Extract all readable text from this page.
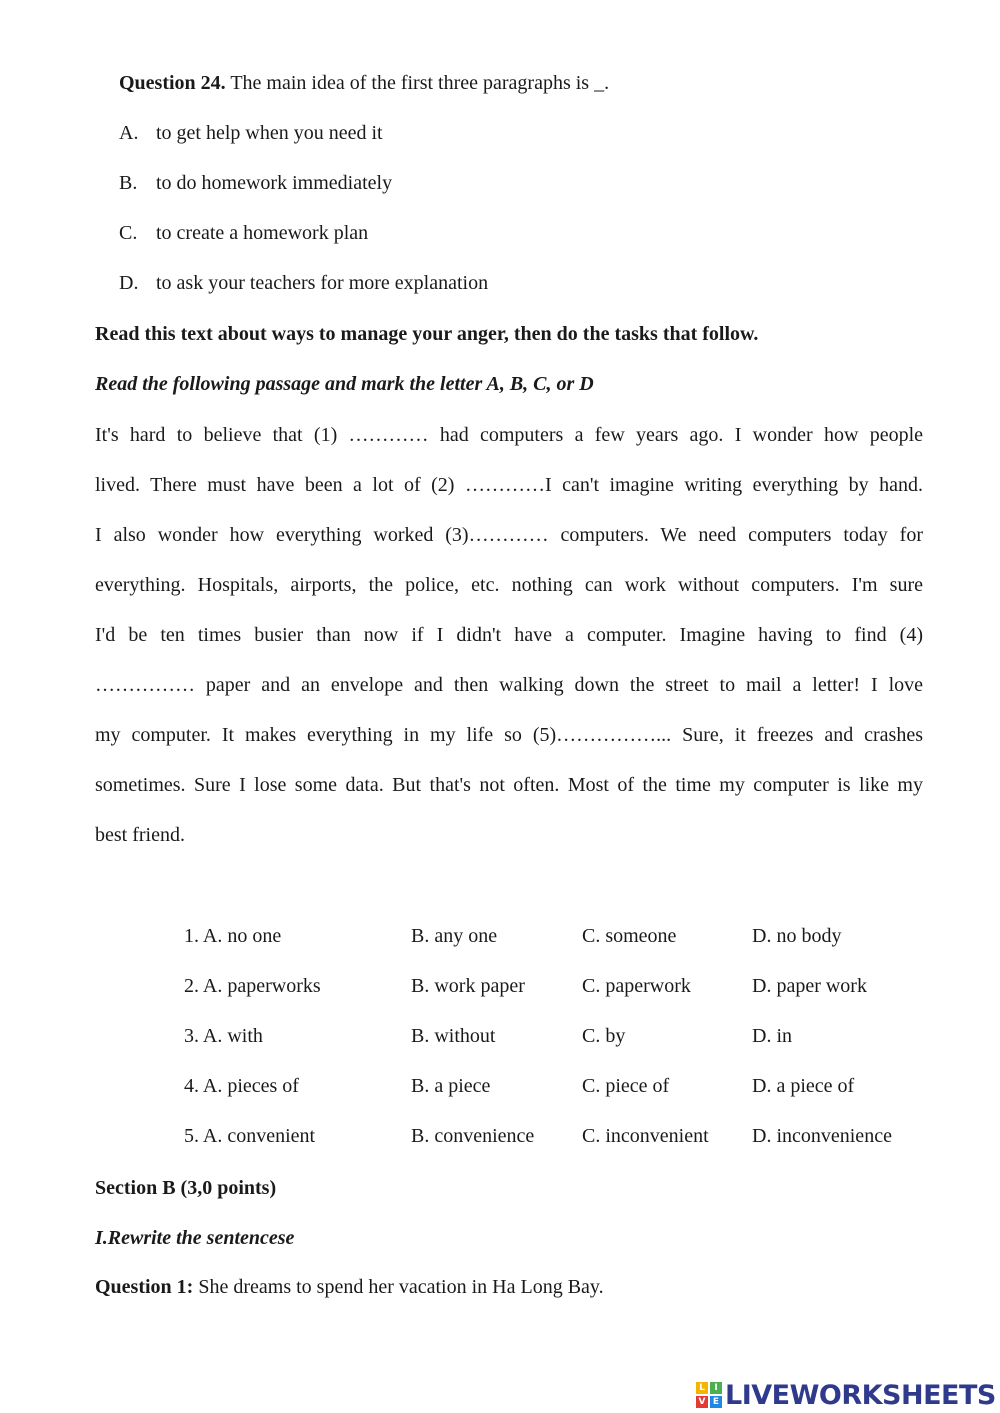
Question 24. The main idea of the first three paragraphs is _.
A. to get help when you need it
B. to do homework immediately
C. to create a homework plan
D. to ask your teachers for more explanation
Read this text about ways to manage your anger, then do the tasks that follow.
Read the following passage and mark the letter A, B, C, or D
It's hard to believe that (1) ………… had computers a few years ago. I wonder how people
lived. There must have been a lot of (2) …………I can't imagine writing everything by hand.
I also wonder how everything worked (3)………… computers. We need computers today for
everything. Hospitals, airports, the police, etc. nothing can work without computers. I'm sure
I'd be ten times busier than now if I didn't have a computer. Imagine having to find (4)
…………… paper and an envelope and then walking down the street to mail a letter! I love
my computer. It makes everything in my life so (5)……………... Sure, it freezes and crashes
sometimes. Sure I lose some data. But that's not often. Most of the time my computer is like my
best friend.
1. A. no one	B. any one	C. someone	D. no body
2. A. paperworks	B. work paper	C. paperwork	D. paper work
3. A. with	B. without	C. by	D. in
4. A. pieces of	B. a piece	C. piece of	D. a piece of
5. A. convenient	B. convenience C. inconvenient D. inconvenience
Section B (3,0 points)
I.Rewrite the sentencese
Question 1: She dreams to spend her vacation in Ha Long Bay.
L	I
V E LIVEWORKSHEETS
